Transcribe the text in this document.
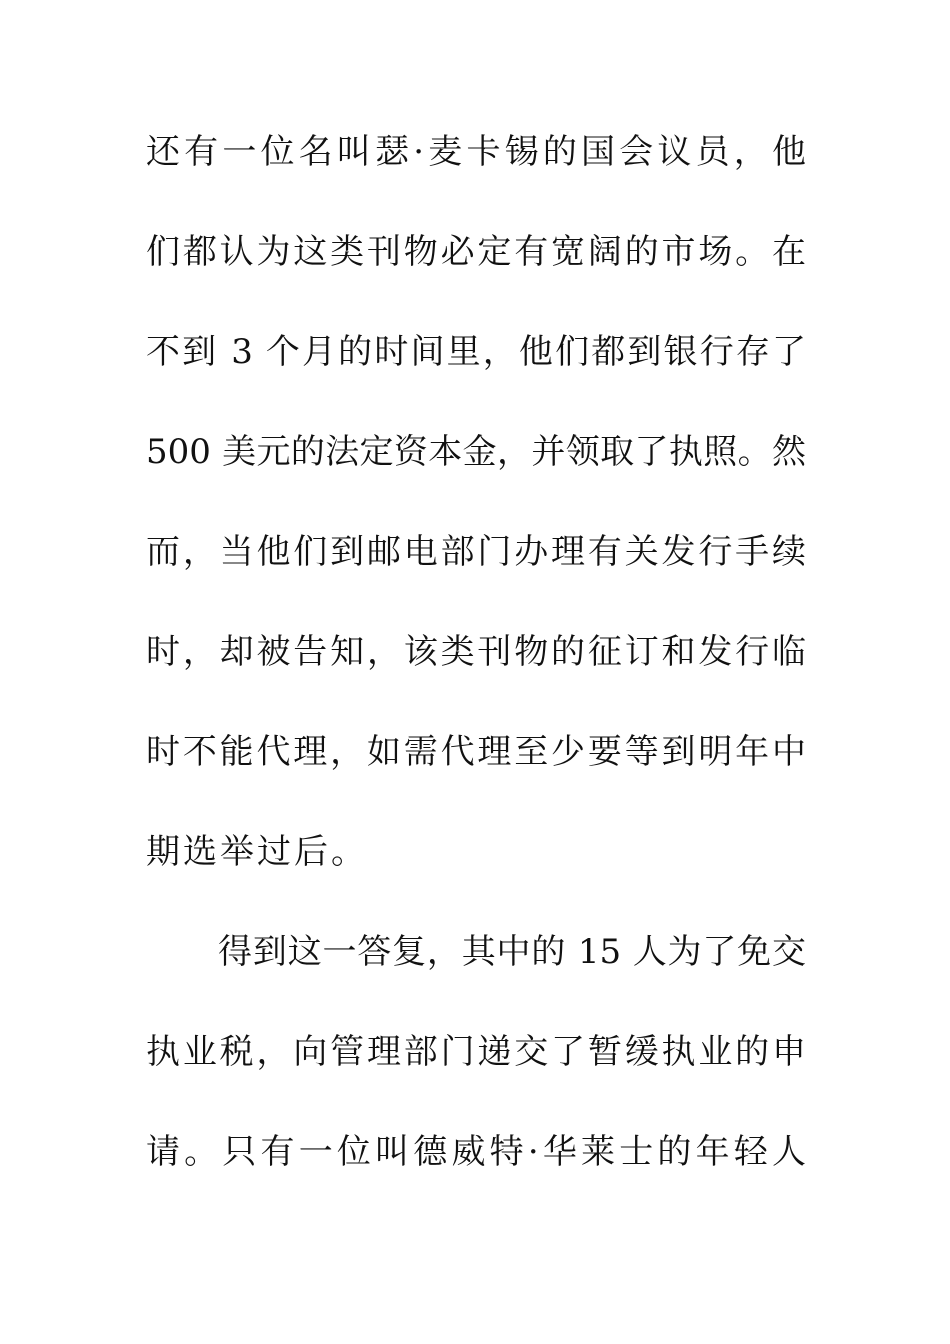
还有一位名叫瑟·麦卡锡的国会议员，他
们都认为这类刊物必定有宽阔的市场。在
不到 3 个月的时间里，他们都到银行存了
500 美元的法定资本金，并领取了执照。然
而，当他们到邮电部门办理有关发行手续
时，却被告知，该类刊物的征订和发行临
时不能代理，如需代理至少要等到明年中
期选举过后。
得到这一答复，其中的 15 人为了免交
执业税，向管理部门递交了暂缓执业的申
请。只有一位叫德威特·华莱士的年轻人
